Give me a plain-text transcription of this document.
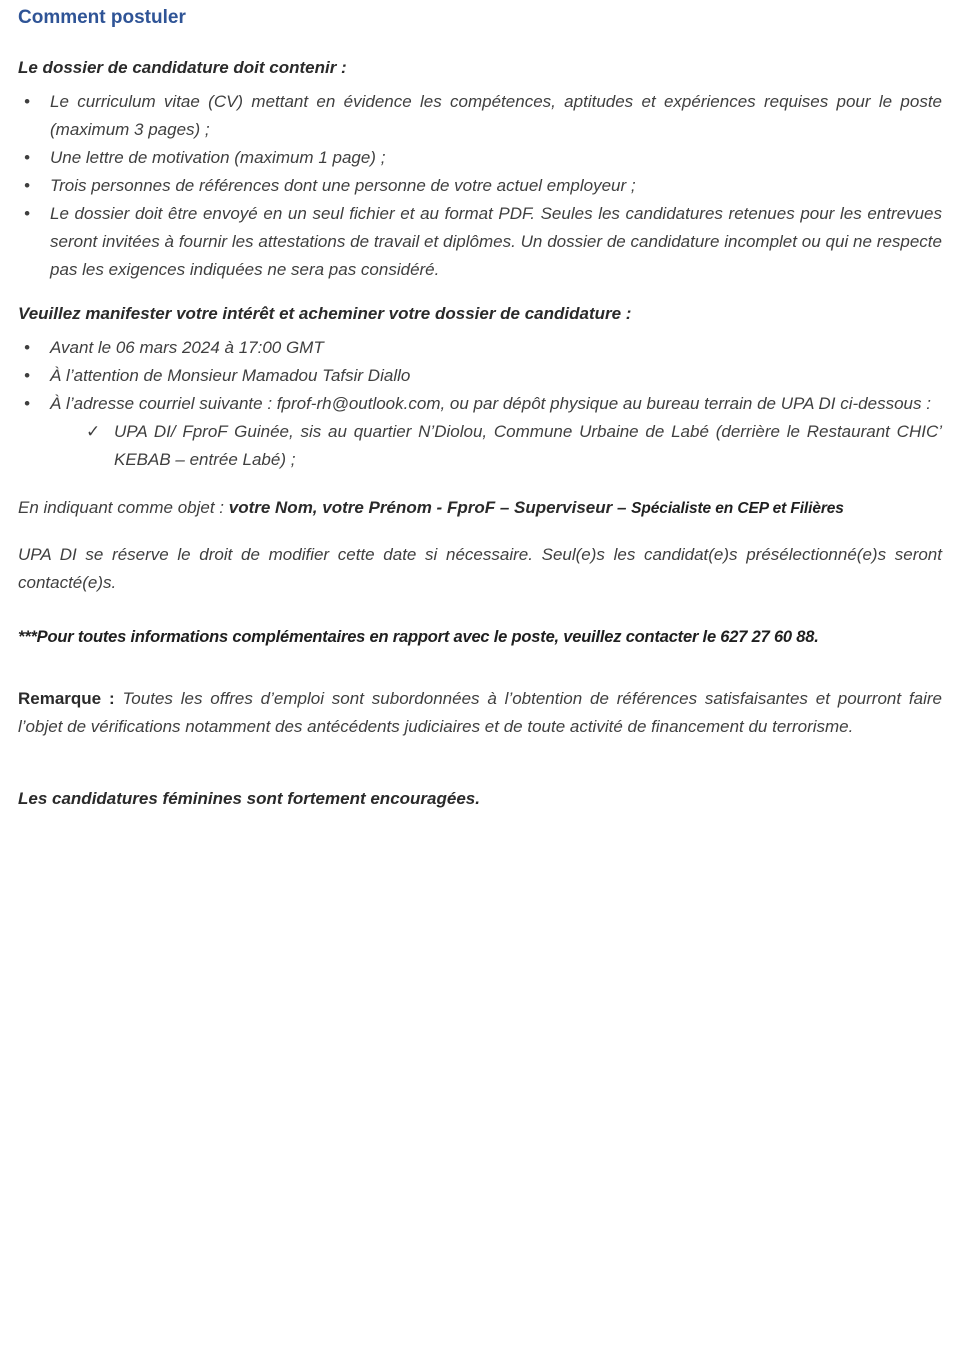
Comment postuler

Le dossier de candidature doit contenir :

•	Le curriculum vitae (CV) mettant en évidence les compétences, aptitudes et expériences requises pour le poste (maximum 3 pages) ;
•	Une lettre de motivation (maximum 1 page) ;
•	Trois personnes de références dont une personne de votre actuel employeur ;
•	Le dossier doit être envoyé en un seul fichier et au format PDF. Seules les candidatures retenues pour les entrevues seront invitées à fournir les attestations de travail et diplômes. Un dossier de candidature incomplet ou qui ne respecte pas les exigences indiquées ne sera pas considéré.

Veuillez manifester votre intérêt et acheminer votre dossier de candidature :

•	Avant le 06 mars 2024 à 17:00 GMT
•	À l’attention de Monsieur Mamadou Tafsir Diallo
• À l’adresse courriel suivante : fprof-rh@outlook.com, ou par dépôt physique au bureau terrain de UPA DI ci-dessous :
✓ UPA DI/ FproF Guinée, sis au quartier N’Diolou, Commune Urbaine de Labé (derrière le Restaurant CHIC’ KEBAB – entrée Labé) ;

En indiquant comme objet : votre Nom, votre Prénom - FproF – Superviseur – Spécialiste en CEP et Filières

UPA DI se réserve le droit de modifier cette date si nécessaire. Seul(e)s les candidat(e)s présélectionné(e)s seront contacté(e)s.

***Pour toutes informations complémentaires en rapport avec le poste, veuillez contacter le 627 27 60 88.

Remarque : Toutes les offres d’emploi sont subordonnées à l’obtention de références satisfaisantes et pourront faire l’objet de vérifications notamment des antécédents judiciaires et de toute activité de financement du terrorisme.

Les candidatures féminines sont fortement encouragées.
